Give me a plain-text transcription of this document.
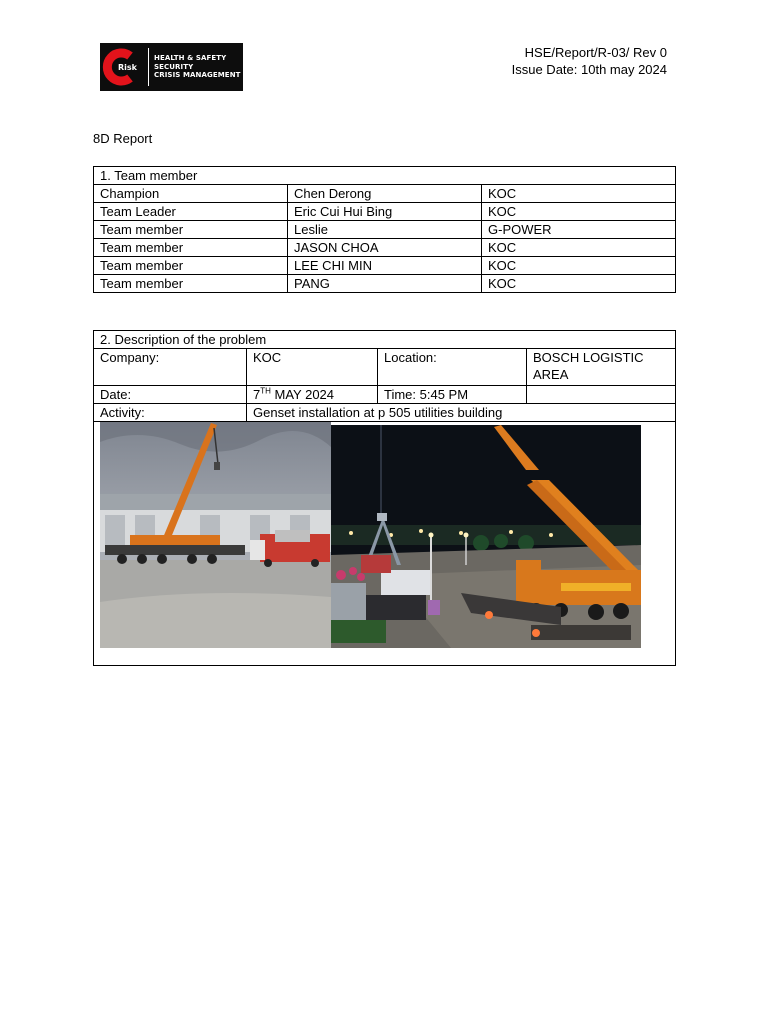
Risk
HEALTH & SAFETY
SECURITY
CRISIS MANAGEMENT
HSE/Report/R-03/ Rev 0
Issue Date: 10th may 2024
8D Report
1. Team member		
Champion	Chen Derong	KOC
Team Leader	Eric Cui Hui Bing	KOC
Team member	Leslie	G-POWER
Team member	JASON CHOA	KOC
Team member	LEE CHI MIN	KOC
Team member	PANG	KOC
2. Description of the problem			
Company:	KOC	Location:	BOSCH LOGISTIC AREA
Date:	7TH MAY 2024	Time: 5:45 PM	
Activity:	Genset installation at p 505 utilities building		
